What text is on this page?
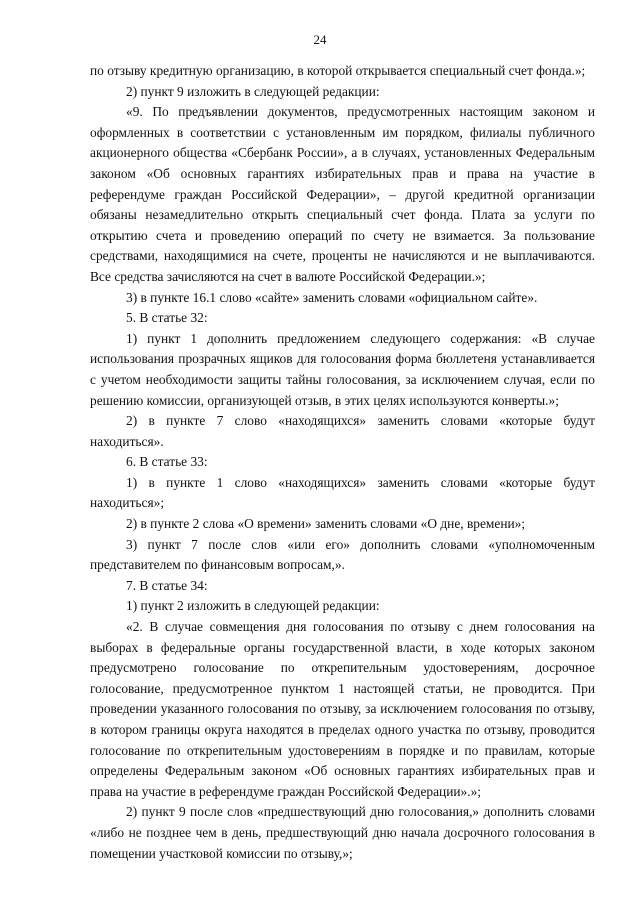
24

по отзыву кредитную организацию, в которой открывается специальный счет фонда.»;

2) пункт 9 изложить в следующей редакции:

«9. По предъявлении документов, предусмотренных настоящим законом и оформленных в соответствии с установленным им порядком, филиалы публичного акционерного общества «Сбербанк России», а в случаях, установленных Федеральным законом «Об основных гарантиях избирательных прав и права на участие в референдуме граждан Российской Федерации», – другой кредитной организации обязаны незамедлительно открыть специальный счет фонда. Плата за услуги по открытию счета и проведению операций по счету не взимается. За пользование средствами, находящимися на счете, проценты не начисляются и не выплачиваются. Все средства зачисляются на счет в валюте Российской Федерации.»;

3) в пункте 16.1 слово «сайте» заменить словами «официальном сайте».

5. В статье 32:

1) пункт 1 дополнить предложением следующего содержания: «В случае использования прозрачных ящиков для голосования форма бюллетеня устанавливается с учетом необходимости защиты тайны голосования, за исключением случая, если по решению комиссии, организующей отзыв, в этих целях используются конверты.»;

2) в пункте 7 слово «находящихся» заменить словами «которые будут находиться».

6. В статье 33:

1) в пункте 1 слово «находящихся» заменить словами «которые будут находиться»;

2) в пункте 2 слова «О времени» заменить словами «О дне, времени»;

3) пункт 7 после слов «или его» дополнить словами «уполномоченным представителем по финансовым вопросам,».

7. В статье 34:

1) пункт 2 изложить в следующей редакции:

«2. В случае совмещения дня голосования по отзыву с днем голосования на выборах в федеральные органы государственной власти, в ходе которых законом предусмотрено голосование по открепительным удостоверениям, досрочное голосование, предусмотренное пунктом 1 настоящей статьи, не проводится. При проведении указанного голосования по отзыву, за исключением голосования по отзыву, в котором границы округа находятся в пределах одного участка по отзыву, проводится голосование по открепительным удостоверениям в порядке и по правилам, которые определены Федеральным законом «Об основных гарантиях избирательных прав и права на участие в референдуме граждан Российской Федерации».»;

2) пункт 9 после слов «предшествующий дню голосования,» дополнить словами «либо не позднее чем в день, предшествующий дню начала досрочного голосования в помещении участковой комиссии по отзыву,»;
